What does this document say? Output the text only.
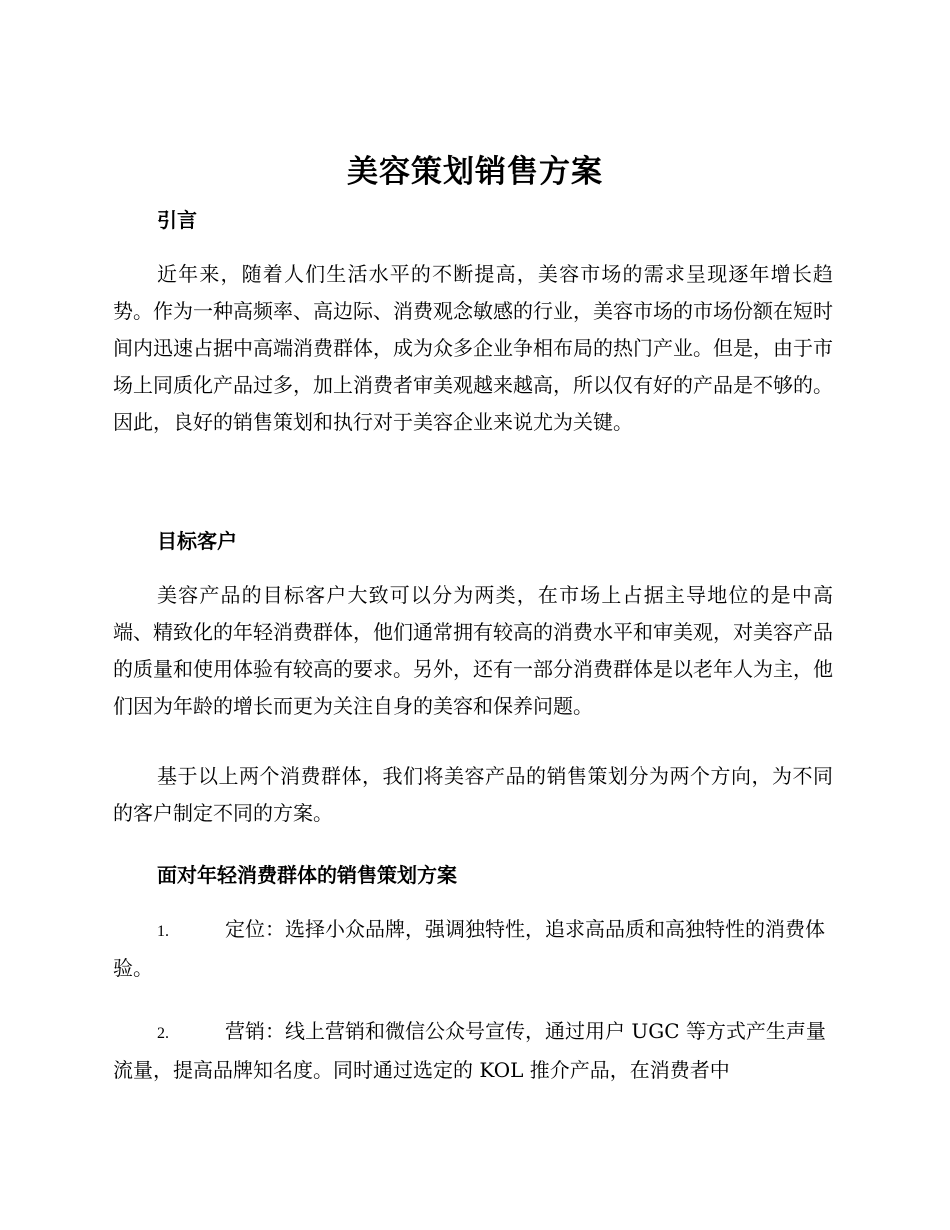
美容策划销售方案
引言

近年来，随着人们生活水平的不断提高，美容市场的需求呈现逐年增长趋势。作为一种高频率、高边际、消费观念敏感的行业，美容市场的市场份额在短时间内迅速占据中高端消费群体，成为众多企业争相布局的热门产业。但是，由于市场上同质化产品过多，加上消费者审美观越来越高，所以仅有好的产品是不够的。因此，良好的销售策划和执行对于美容企业来说尤为关键。

目标客户

美容产品的目标客户大致可以分为两类，在市场上占据主导地位的是中高端、精致化的年轻消费群体，他们通常拥有较高的消费水平和审美观，对美容产品的质量和使用体验有较高的要求。另外，还有一部分消费群体是以老年人为主，他们因为年龄的增长而更为关注自身的美容和保养问题。

基于以上两个消费群体，我们将美容产品的销售策划分为两个方向，为不同的客户制定不同的方案。

面对年轻消费群体的销售策划方案

1.	定位：选择小众品牌，强调独特性，追求高品质和高独特性的消费体验。

2.	营销：线上营销和微信公众号宣传，通过用户 UGC 等方式产生声量流量，提高品牌知名度。同时通过选定的 KOL 推介产品，在消费者中
